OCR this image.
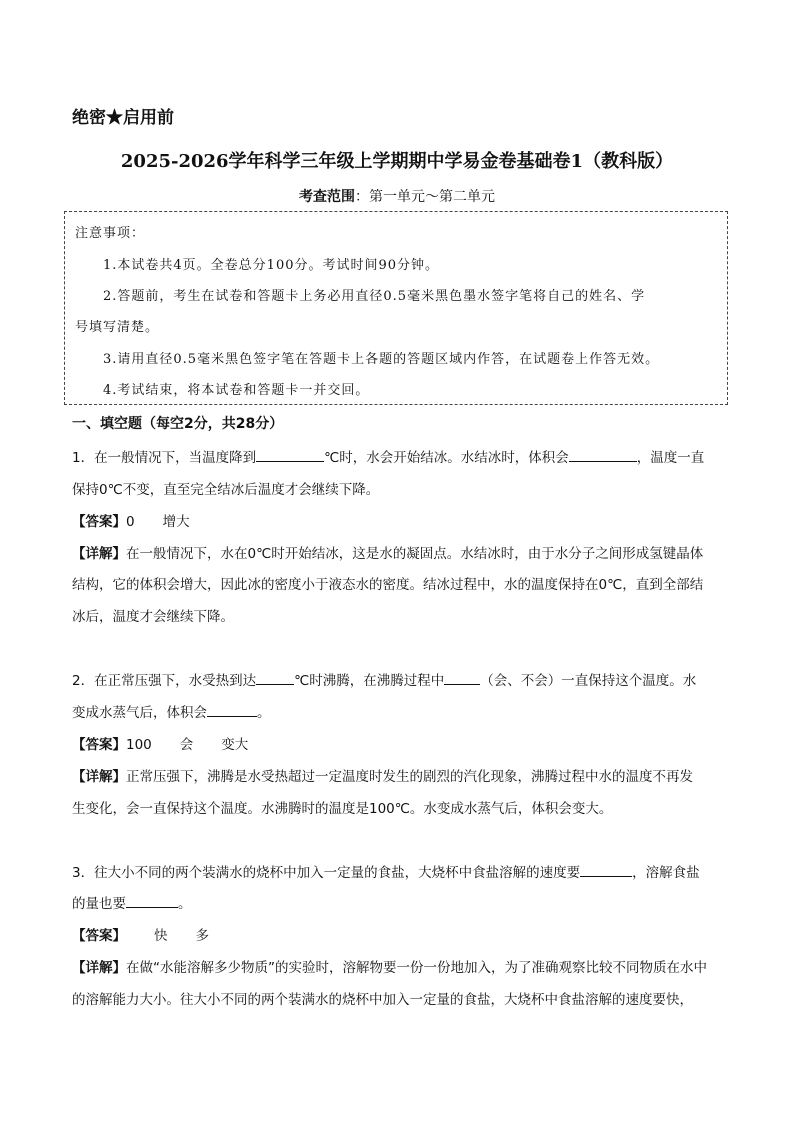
绝密★启用前
2025-2026学年科学三年级上学期期中学易金卷基础卷1（教科版）
考查范围：第一单元～第二单元
注意事项：
1.本试卷共4页。全卷总分100分。考试时间90分钟。
2.答题前，考生在试卷和答题卡上务必用直径0.5毫米黑色墨水签字笔将自己的姓名、学
号填写清楚。
3.请用直径0.5毫米黑色签字笔在答题卡上各题的答题区域内作答，在试题卷上作答无效。
4.考试结束，将本试卷和答题卡一并交回。
一、填空题（每空2分，共28分）
1．在一般情况下，当温度降到	℃时，水会开始结冰。水结冰时，体积会	，温度一直
保持0℃不变，直至完全结冰后温度才会继续下降。
【答案】0 增大
【详解】在一般情况下，水在0℃时开始结冰，这是水的凝固点。水结冰时，由于水分子之间形成氢键晶体
结构，它的体积会增大，因此冰的密度小于液态水的密度。结冰过程中，水的温度保持在0℃，直到全部结
冰后，温度才会继续下降。
2．在正常压强下，水受热到达	℃时沸腾，在沸腾过程中	（会、不会）一直保持这个温度。水
变成水蒸气后，体积会	。
【答案】100 会 变大
【详解】正常压强下，沸腾是水受热超过一定温度时发生的剧烈的汽化现象，沸腾过程中水的温度不再发
生变化，会一直保持这个温度。水沸腾时的温度是100℃。水变成水蒸气后，体积会变大。
3．往大小不同的两个装满水的烧杯中加入一定量的食盐，大烧杯中食盐溶解的速度要	，溶解食盐
的量也要	。
【答案】 快 多
【详解】在做“水能溶解多少物质”的实验时，溶解物要一份一份地加入，为了准确观察比较不同物质在水中
的溶解能力大小。往大小不同的两个装满水的烧杯中加入一定量的食盐，大烧杯中食盐溶解的速度要快，
